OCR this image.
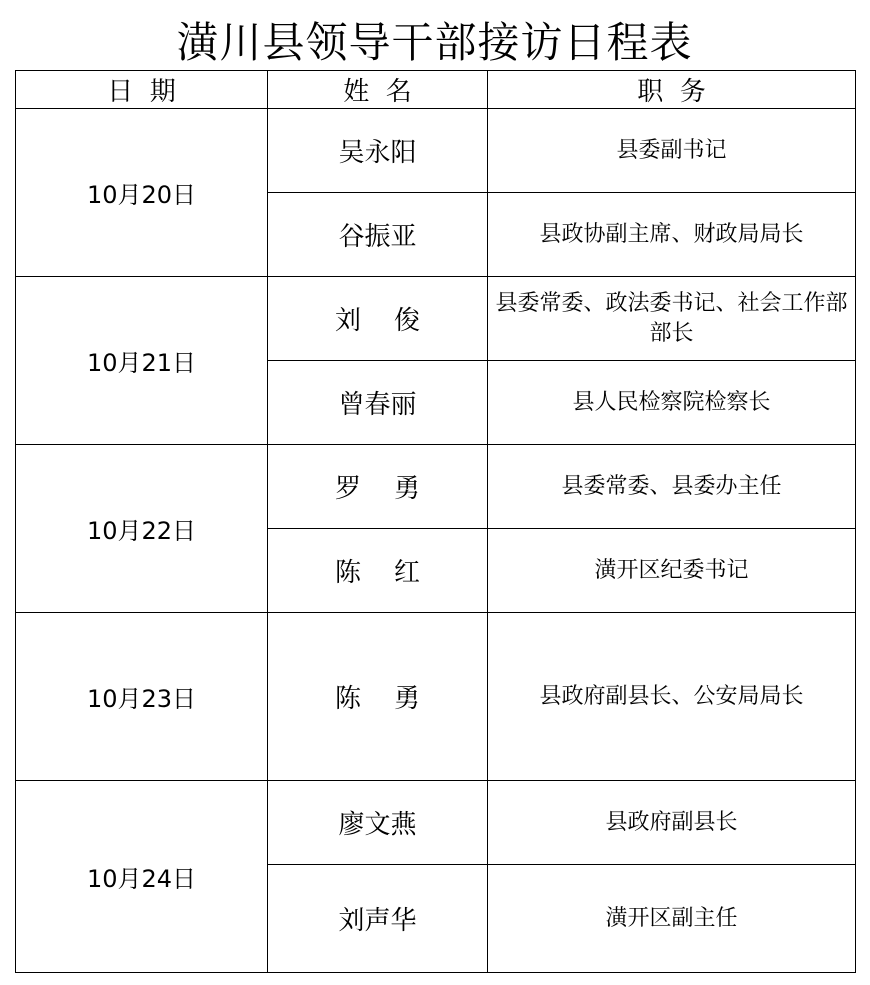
潢川县领导干部接访日程表
日  期	姓  名	职  务
10月20日	吴永阳	县委副书记
	谷振亚	县政协副主席、财政局局长
10月21日	刘    俊	县委常委、政法委书记、社会工作部部长
	曾春丽	县人民检察院检察长
10月22日	罗    勇	县委常委、县委办主任
	陈    红	潢开区纪委书记
10月23日	陈    勇	县政府副县长、公安局局长
10月24日	廖文燕	县政府副县长
	刘声华	潢开区副主任
